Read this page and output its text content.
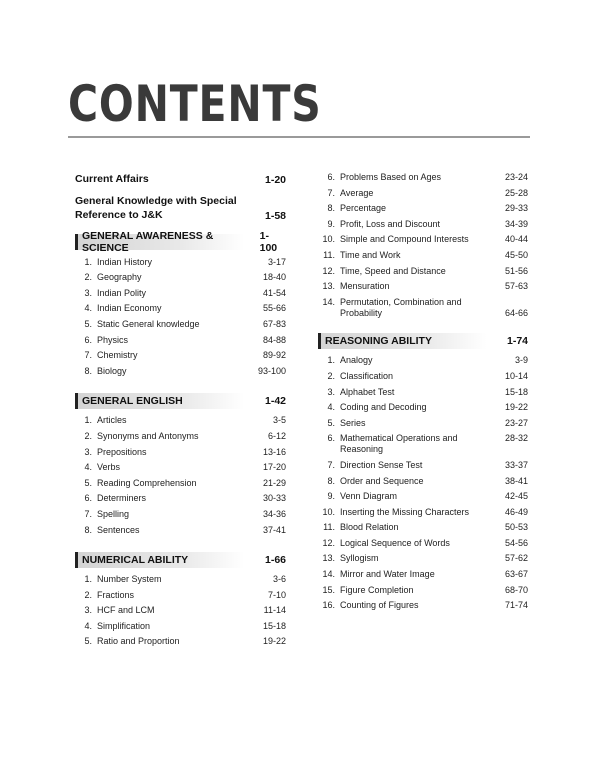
CONTENTS
Current Affairs	1-20
General Knowledge with Special Reference to J&K	1-58
GENERAL AWARENESS & SCIENCE
1-100
1. Indian History	3-17
2. Geography	18-40
3. Indian Polity	41-54
4. Indian Economy	55-66
5. Static General knowledge	67-83
6. Physics	84-88
7. Chemistry	89-92
8. Biology	93-100
GENERAL ENGLISH	1-42
1. Articles	3-5
2. Synonyms and Antonyms	6-12
3. Prepositions	13-16
4. Verbs	17-20
5. Reading Comprehension	21-29
6. Determiners	30-33
7. Spelling	34-36
8. Sentences	37-41
NUMERICAL ABILITY	1-66
1. Number System	3-6
2. Fractions	7-10
3. HCF and LCM	11-14
4. Simplification	15-18
5. Ratio and Proportion	19-22
6. Problems Based on Ages	23-24
7. Average	25-28
8. Percentage	29-33
9. Profit, Loss and Discount	34-39
10. Simple and Compound Interests	40-44
11. Time and Work	45-50
12. Time, Speed and Distance	51-56
13. Mensuration	57-63
14. Permutation, Combination and Probability	64-66
REASONING ABILITY	1-74
1. Analogy	3-9
2. Classification	10-14
3. Alphabet Test	15-18
4. Coding and Decoding	19-22
5. Series	23-27
6. Mathematical Operations and Reasoning
28-32
7. Direction Sense Test	33-37
8. Order and Sequence	38-41
9. Venn Diagram	42-45
10. Inserting the Missing Characters	46-49
11. Blood Relation	50-53
12. Logical Sequence of Words	54-56
13. Syllogism	57-62
14. Mirror and Water Image	63-67
15. Figure Completion	68-70
16. Counting of Figures	71-74
